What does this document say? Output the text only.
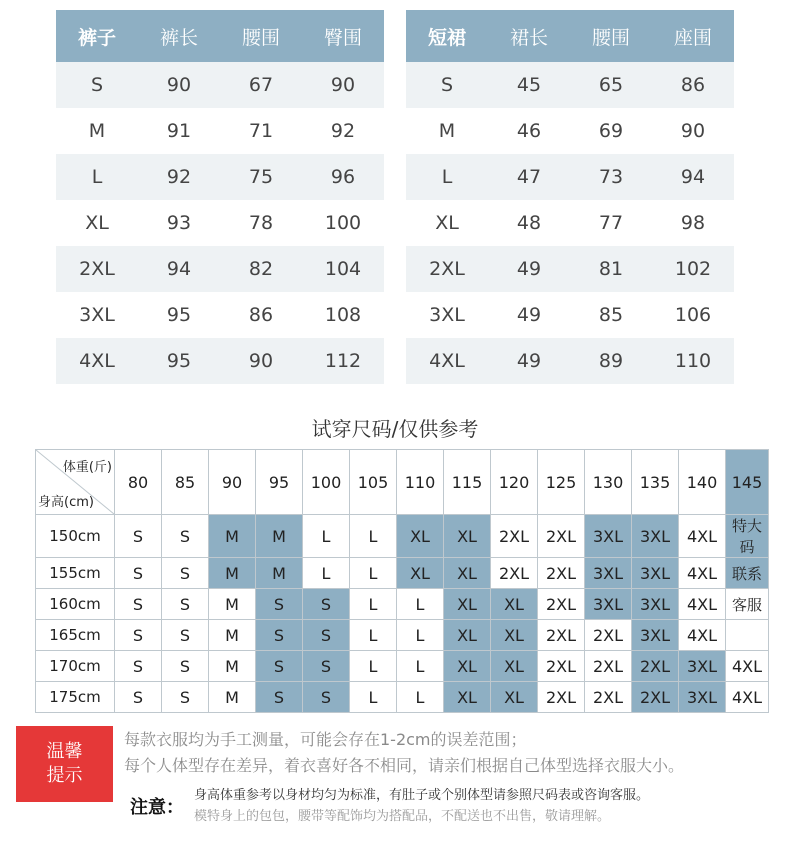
裤子	裤长	腰围	臀围
S	90	67	90
M	91	71	92
L	92	75	96
XL	93	78	100
2XL	94	82	104
3XL	95	86	108
4XL	95	90	112
短裙	裙长	腰围	座围
S	45	65	86
M	46	69	90
L	47	73	94
XL	48	77	98
2XL	49	81	102
3XL	49	85	106
4XL	49	89	110
试穿尺码/仅供参考
体重(斤)
身高(cm)	80	85	90	95	100	105	110	115	120	125	130	135	140	145
150cm	S	S	M	M	L	L	XL	XL	2XL	2XL	3XL	3XL	4XL	特大码
155cm	S	S	M	M	L	L	XL	XL	2XL	2XL	3XL	3XL	4XL	联系
160cm	S	S	M	S	S	L	L	XL	XL	2XL	3XL	3XL	4XL	客服
165cm	S	S	M	S	S	L	L	XL	XL	2XL	2XL	3XL	4XL	
170cm	S	S	M	S	S	L	L	XL	XL	2XL	2XL	2XL	3XL	4XL
175cm	S	S	M	S	S	L	L	XL	XL	2XL	2XL	2XL	3XL	4XL
温馨
提示
每款衣服均为手工测量，可能会存在1-2cm的误差范围；
每个人体型存在差异，着衣喜好各不相同，请亲们根据自己体型选择衣服大小。
注意：
身高体重参考以身材均匀为标准，有肚子或个别体型请参照尺码表或咨询客服。
模特身上的包包，腰带等配饰均为搭配品，不配送也不出售，敬请理解。
